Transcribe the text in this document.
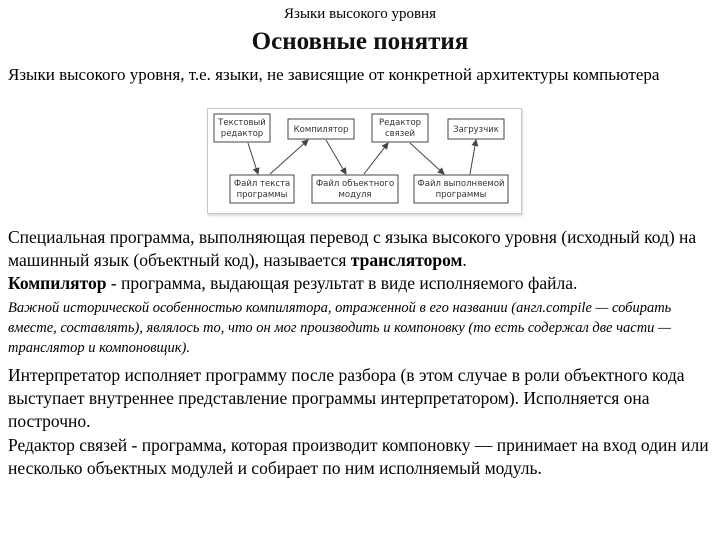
Языки высокого уровня
Основные понятия
Языки высокого уровня, т.е. языки, не зависящие от конкретной архитектуры компьютера
Текстовый
редактор	Компилятор
Редактор
связей	Загрузчик
Файл текста
программы
Файл объектного
модуля
Файл выполняемой
программы
Специальная программа, выполняющая перевод с языка высокого уровня (исходный код) на машинный язык (объектный код), называется транслятором.
Компилятор - программа, выдающая результат в виде исполняемого файла.
Важной исторической особенностью компилятора, отраженной в его названии (англ.compile — собирать вместе, составлять), являлось то, что он мог производить и компоновку (то есть содержал две части — транслятор и компоновщик).
Интерпретатор исполняет программу после разбора (в этом случае в роли объектного кода выступает внутреннее представление программы интерпретатором). Исполняется она построчно.
Редактор связей - программа, которая производит компоновку — принимает на вход один или несколько объектных модулей и собирает по ним исполняемый модуль.
